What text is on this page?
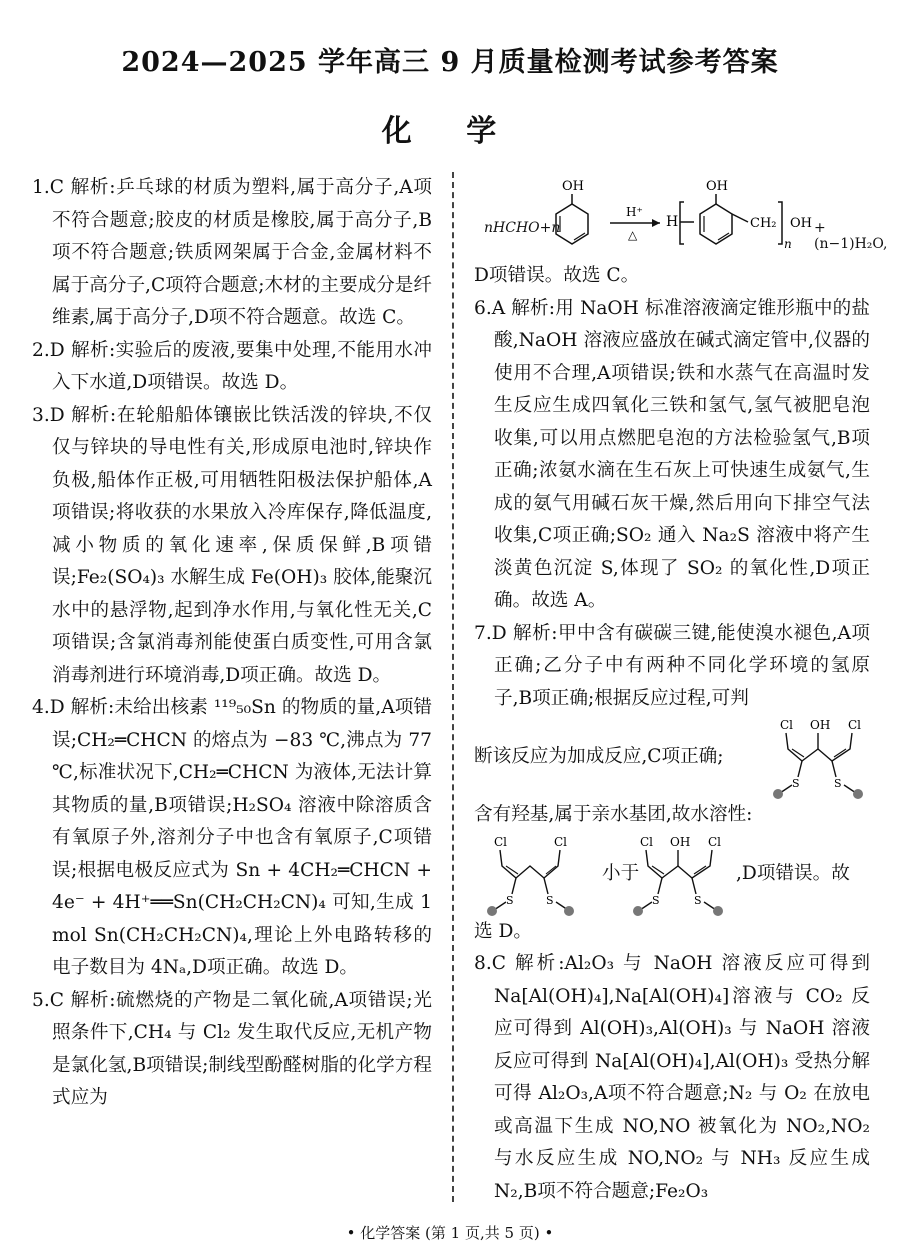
2024—2025 学年高三 9 月质量检测考试参考答案
化 学

1.C 解析:乒乓球的材质为塑料,属于高分子,A项不符合题意;胶皮的材质是橡胶,属于高分子,B项不符合题意;铁质网架属于合金,金属材料不属于高分子,C项符合题意;木材的主要成分是纤维素,属于高分子,D项不符合题意。故选 C。

2.D 解析:实验后的废液,要集中处理,不能用水冲入下水道,D项错误。故选 D。

3.D 解析:在轮船船体镶嵌比铁活泼的锌块,不仅仅与锌块的导电性有关,形成原电池时,锌块作负极,船体作正极,可用牺牲阳极法保护船体,A项错误;将收获的水果放入冷库保存,降低温度,减小物质的氧化速率,保质保鲜,B项错误;Fe₂(SO₄)₃ 水解生成 Fe(OH)₃ 胶体,能聚沉水中的悬浮物,起到净水作用,与氧化性无关,C项错误;含氯消毒剂能使蛋白质变性,可用含氯消毒剂进行环境消毒,D项正确。故选 D。

4.D 解析:未给出核素 ¹¹⁹₅₀Sn 的物质的量,A项错误;CH₂═CHCN 的熔点为 −83 ℃,沸点为 77 ℃,标准状况下,CH₂═CHCN 为液体,无法计算其物质的量,B项错误;H₂SO₄ 溶液中除溶质含有氧原子外,溶剂分子中也含有氧原子,C项错误;根据电极反应式为 Sn + 4CH₂═CHCN + 4e⁻ + 4H⁺══Sn(CH₂CH₂CN)₄ 可知,生成 1 mol Sn(CH₂CH₂CN)₄,理论上外电路转移的电子数目为 4Nₐ,D项正确。故选 D。

5.C 解析:硫燃烧的产物是二氧化硫,A项错误;光照条件下,CH₄ 与 Cl₂ 发生取代反应,无机产物是氯化氢,B项错误;制线型酚醛树脂的化学方程式应为

nHCHO+n
OH
H⁺
△
H
OH
CH₂
n
OH +(n−1)H₂O,

D项错误。故选 C。

6.A 解析:用 NaOH 标准溶液滴定锥形瓶中的盐酸,NaOH 溶液应盛放在碱式滴定管中,仪器的使用不合理,A项错误;铁和水蒸气在高温时发生反应生成四氧化三铁和氢气,氢气被肥皂泡收集,可以用点燃肥皂泡的方法检验氢气,B项正确;浓氨水滴在生石灰上可快速生成氨气,生成的氨气用碱石灰干燥,然后用向下排空气法收集,C项正确;SO₂ 通入 Na₂S 溶液中将产生淡黄色沉淀 S,体现了 SO₂ 的氧化性,D项正确。故选 A。

7.D 解析:甲中含有碳碳三键,能使溴水褪色,A项正确;乙分子中有两种不同化学环境的氢原子,B项正确;根据反应过程,可判

断该反应为加成反应,C项正确;
Cl OH Cl
S	S

含有羟基,属于亲水基团,故水溶性:

Cl	Cl
S	S
小于
Cl OH Cl
S	S
,D项错误。故

选 D。

8.C 解析:Al₂O₃ 与 NaOH 溶液反应可得到 Na[Al(OH)₄],Na[Al(OH)₄]溶液与 CO₂ 反应可得到 Al(OH)₃,Al(OH)₃ 与 NaOH 溶液反应可得到 Na[Al(OH)₄],Al(OH)₃ 受热分解可得 Al₂O₃,A项不符合题意;N₂ 与 O₂ 在放电或高温下生成 NO,NO 被氧化为 NO₂,NO₂ 与水反应生成 NO,NO₂ 与 NH₃ 反应生成 N₂,B项不符合题意;Fe₂O₃

• 化学答案 (第 1 页,共 5 页) •
